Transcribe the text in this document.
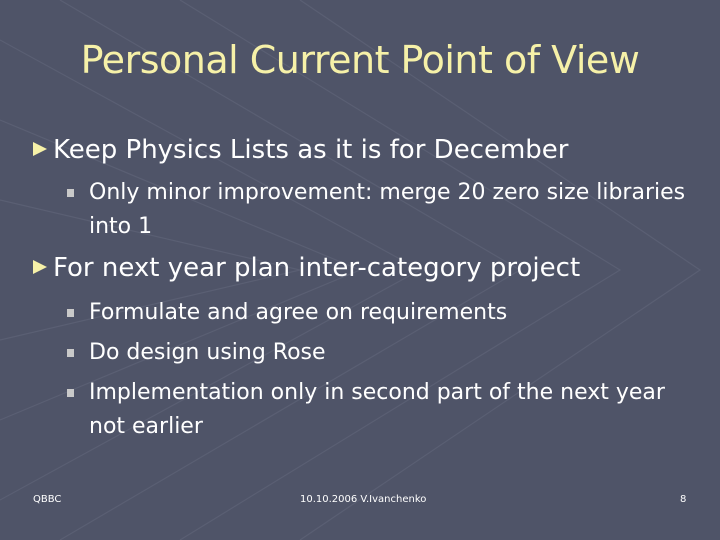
Personal Current Point of View
Keep Physics Lists as it is for December
Only minor improvement: merge 20 zero size libraries into 1
For next year plan inter-category project
Formulate and agree on requirements
Do design using Rose
Implementation only in second part of the next year not earlier
QBBC	10.10.2006 V.Ivanchenko	8
